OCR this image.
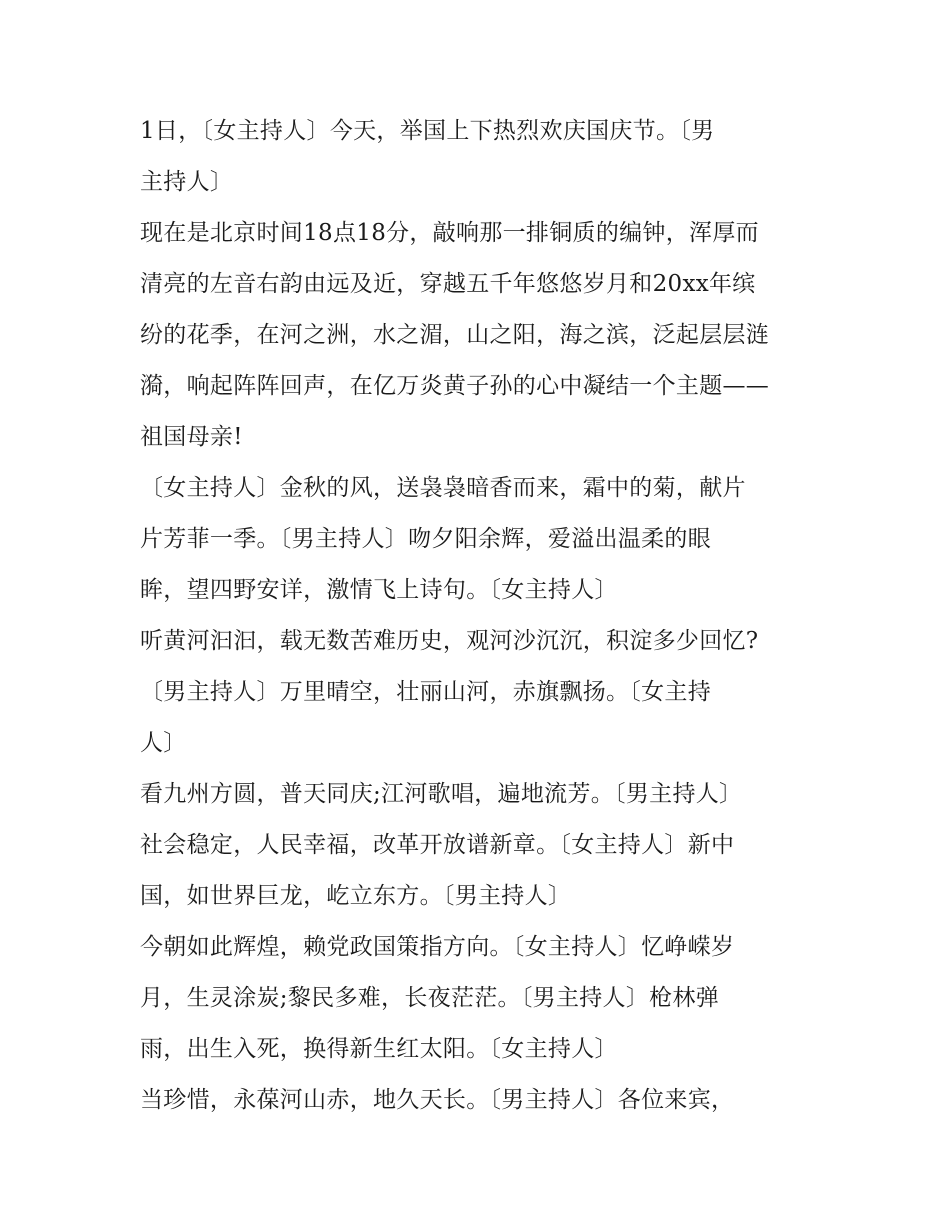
1日，〔女主持人〕今天，举国上下热烈欢庆国庆节。〔男
主持人〕
现在是北京时间18点18分，敲响那一排铜质的编钟，浑厚而
清亮的左音右韵由远及近，穿越五千年悠悠岁月和20xx年缤
纷的花季，在河之洲，水之湄，山之阳，海之滨，泛起层层涟
漪，响起阵阵回声，在亿万炎黄子孙的心中凝结一个主题——
祖国母亲!
〔女主持人〕金秋的风，送袅袅暗香而来，霜中的菊，献片
片芳菲一季。〔男主持人〕吻夕阳余辉，爱溢出温柔的眼
眸，望四野安详，激情飞上诗句。〔女主持人〕
听黄河汩汩，载无数苦难历史，观河沙沉沉，积淀多少回忆?
〔男主持人〕万里晴空，壮丽山河，赤旗飘扬。〔女主持
人〕
看九州方圆，普天同庆;江河歌唱，遍地流芳。〔男主持人〕
社会稳定，人民幸福，改革开放谱新章。〔女主持人〕新中
国，如世界巨龙，屹立东方。〔男主持人〕
今朝如此辉煌，赖党政国策指方向。〔女主持人〕忆峥嵘岁
月，生灵涂炭;黎民多难，长夜茫茫。〔男主持人〕枪林弹
雨，出生入死，换得新生红太阳。〔女主持人〕
当珍惜，永葆河山赤，地久天长。〔男主持人〕各位来宾，
